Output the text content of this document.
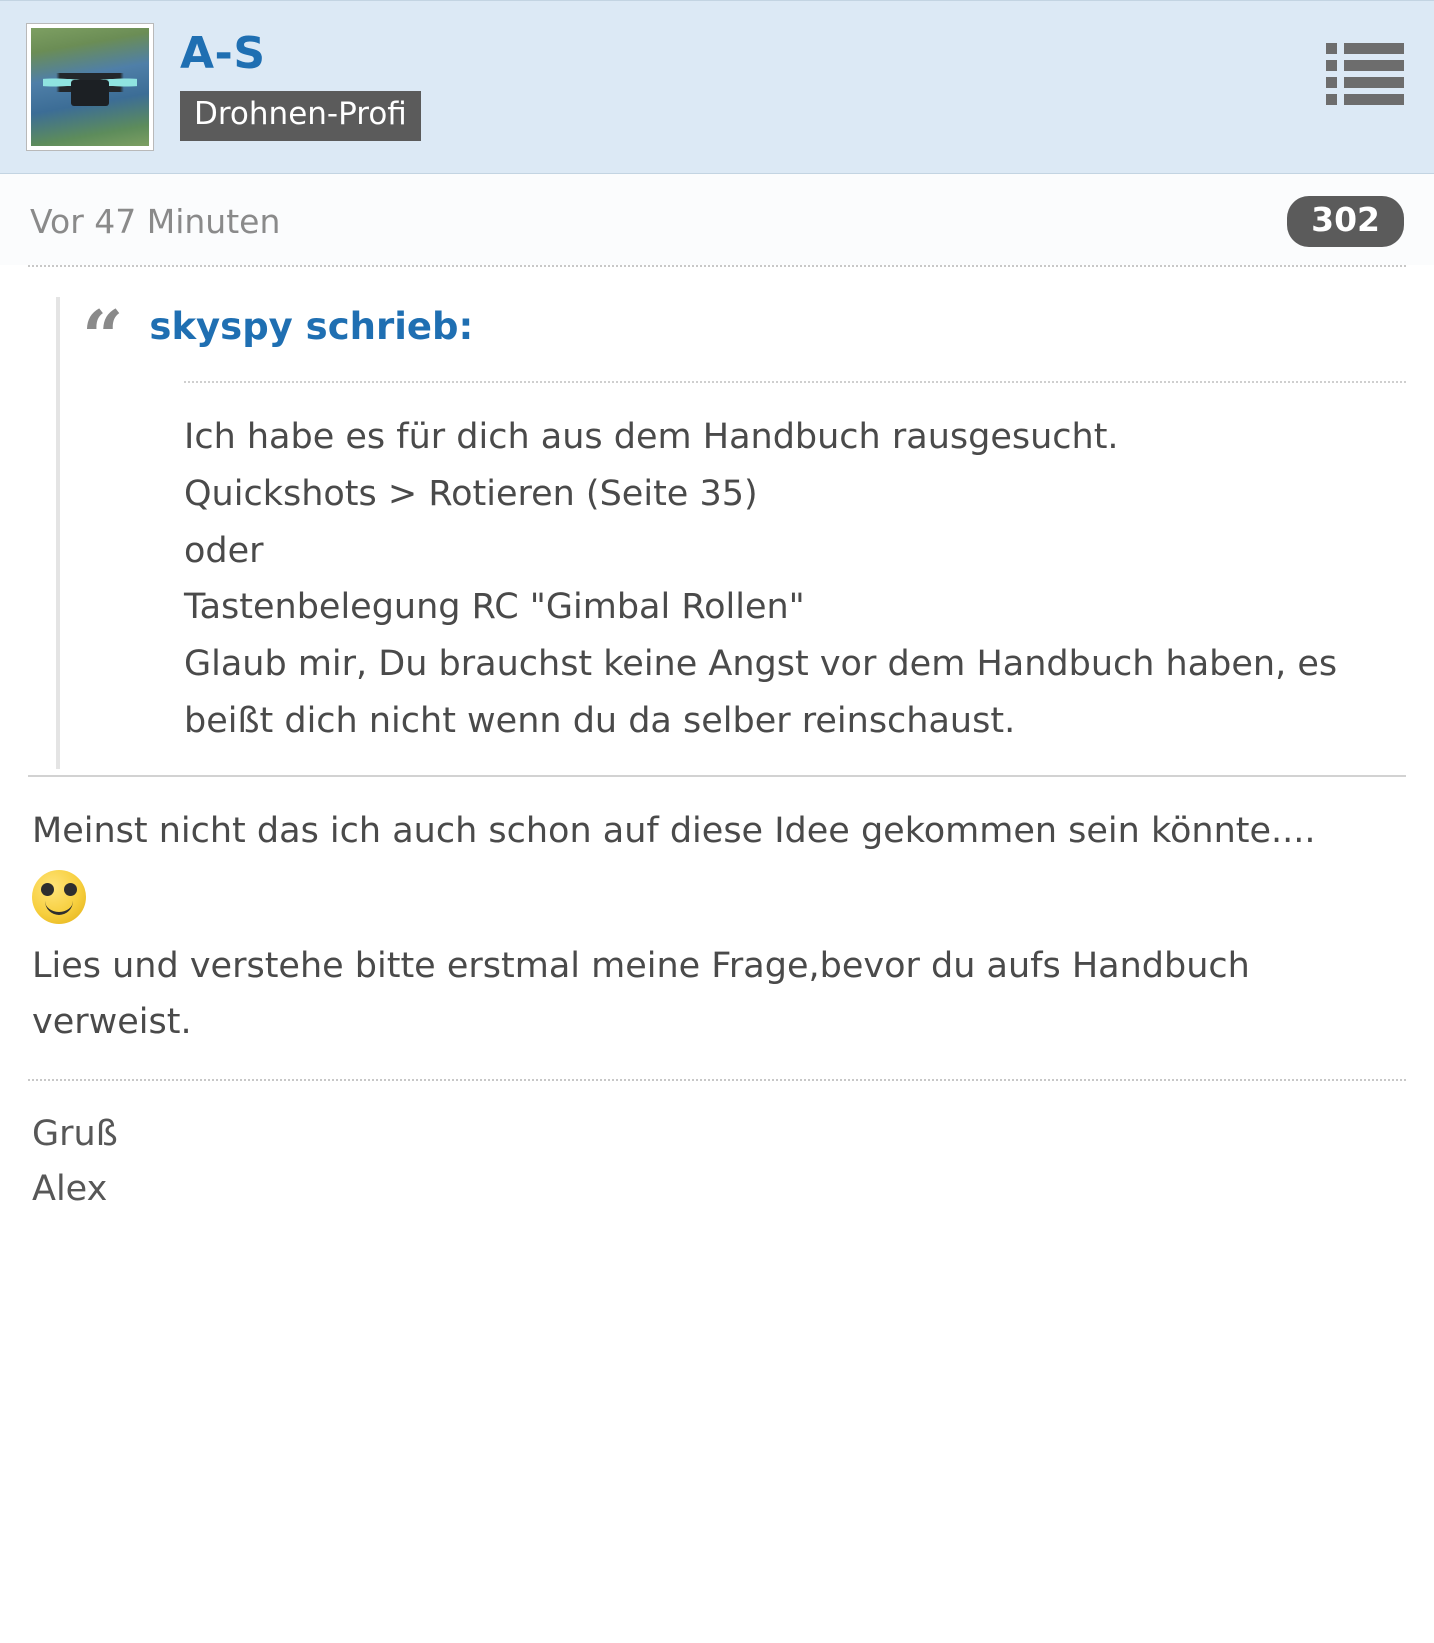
A-S
Drohnen-Profi
Vor 47 Minuten	302
“ skyspy schrieb:
Ich habe es für dich aus dem Handbuch rausgesucht.
Quickshots > Rotieren (Seite 35)
oder
Tastenbelegung RC "Gimbal Rollen"
Glaub mir, Du brauchst keine Angst vor dem Handbuch haben, es beißt dich nicht wenn du da selber reinschaust.
Meinst nicht das ich auch schon auf diese Idee gekommen sein könnte....
Lies und verstehe bitte erstmal meine Frage,bevor du aufs Handbuch verweist.
Gruß
Alex
